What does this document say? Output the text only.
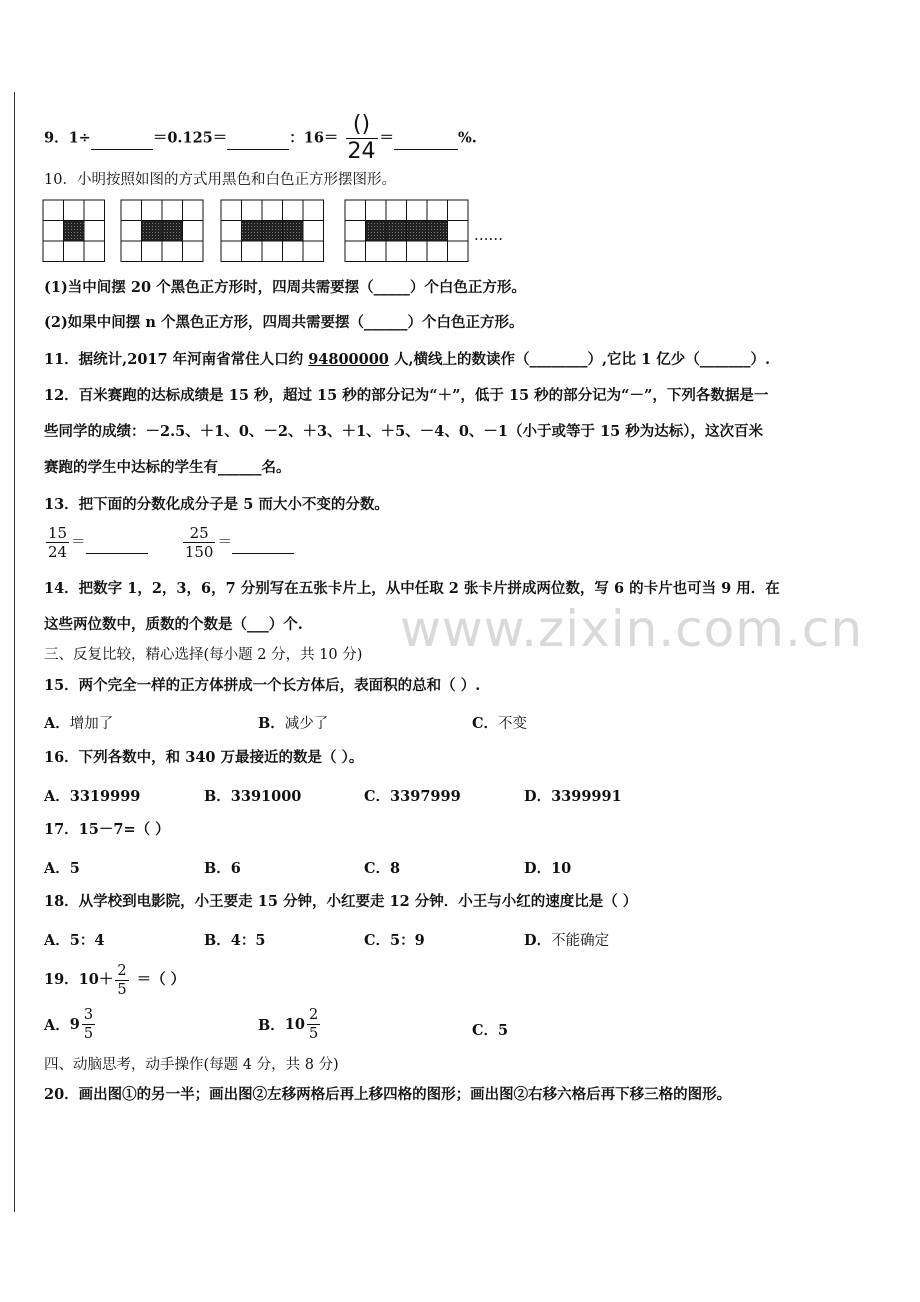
www.zixin.com.cn
9．1÷	＝0.125＝	：$16= \frac{()}{24}$ ＝	%.
10．小明按照如图的方式用黑色和白色正方形摆图形。
……
(1)当中间摆 20 个黑色正方形时，四周共需要摆（_____）个白色正方形。
(2)如果中间摆 n 个黑色正方形，四周共需要摆（______）个白色正方形。
11．据统计,2017 年河南省常住人口约 94800000 人,横线上的数读作（________）,它比 1 亿少（_______）.
12．百米赛跑的达标成绩是 15 秒，超过 15 秒的部分记为“＋”，低于 15 秒的部分记为“－”，下列各数据是一
些同学的成绩：－2.5、＋1、0、－2、＋3、＋1、＋5、－4、0、－1（小于或等于 15 秒为达标），这次百米
赛跑的学生中达标的学生有______名。
13．把下面的分数化成分子是 5 而大小不变的分数。
$\frac{15}{24}$ ＝	$\frac{25}{150}$ ＝
14．把数字 1，2，3，6，7 分别写在五张卡片上，从中任取 2 张卡片拼成两位数，写 6 的卡片也可当 9 用．在
这些两位数中，质数的个数是（___）个.
三、反复比较，精心选择(每小题 2 分，共 10 分)
15．两个完全一样的正方体拼成一个长方体后，表面积的总和（ ）.
A．增加了	B．减少了	C．不变
16．下列各数中，和 340 万最接近的数是（ ）。
A．3319999	B．3391000	C．3397999	D．3399991
17．15－7=（ ）
A．5	B．6	C．8	D．10
18．从学校到电影院，小王要走 15 分钟，小红要走 12 分钟．小王与小红的速度比是（ ）
A．5：4	B．4：5	C．5：9	D．不能确定
19．$10+ \frac{2}{5}$ ＝（ ）
A． $9 \frac{3}{5}$	B． $10 \frac{2}{5}$	C．5
四、动脑思考，动手操作(每题 4 分，共 8 分)
20．画出图①的另一半；画出图②左移两格后再上移四格的图形；画出图②右移六格后再下移三格的图形。
